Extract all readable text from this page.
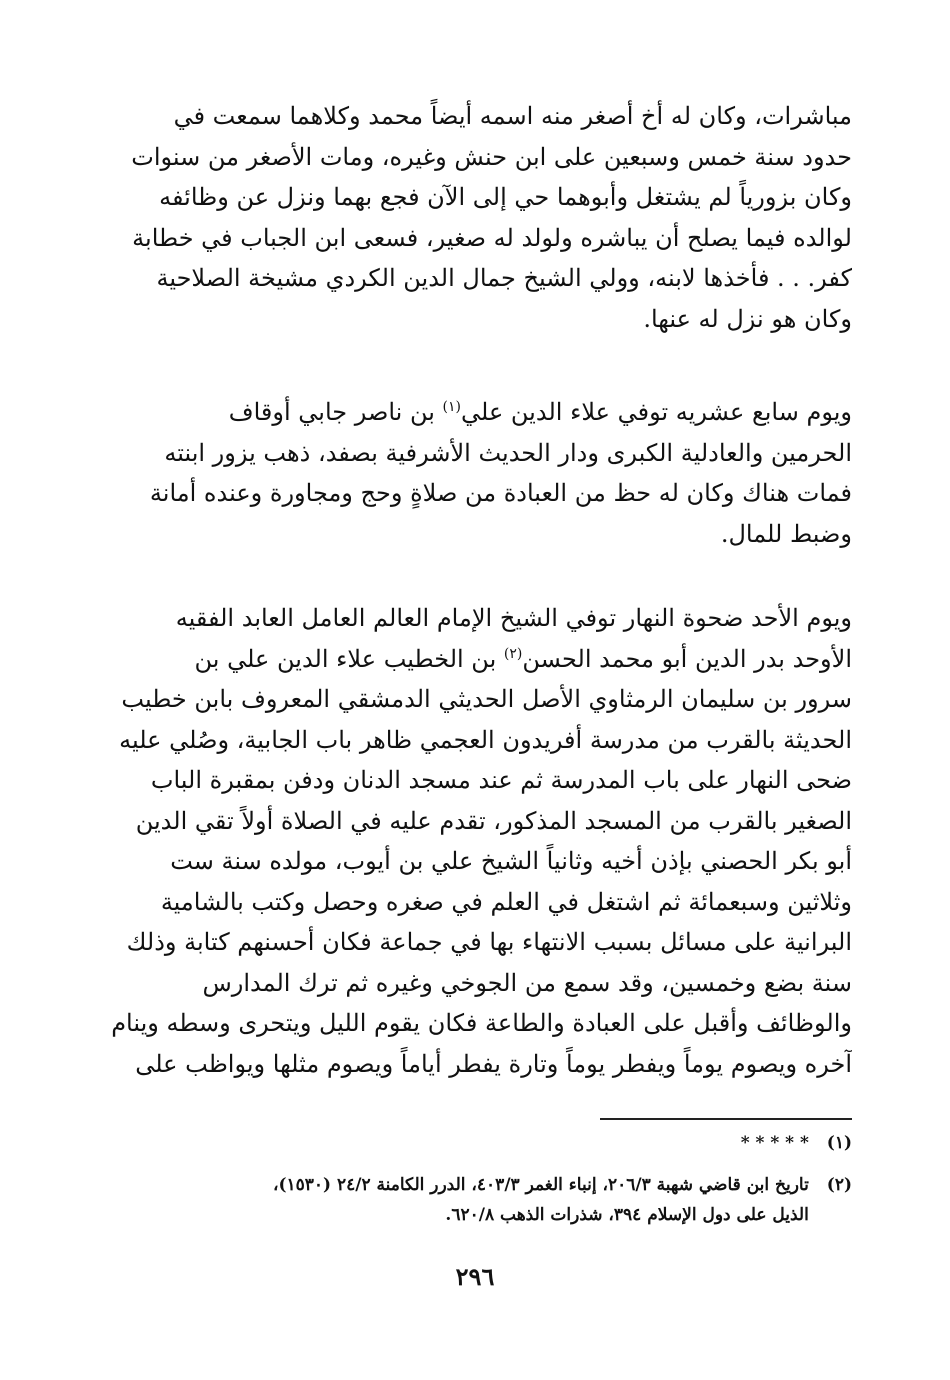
مباشرات، وكان له أخ أصغر منه اسمه أيضاً محمد وكلاهما سمعت في
حدود سنة خمس وسبعين على ابن حنش وغيره، ومات الأصغر من سنوات
وكان بزورياً لم يشتغل وأبوهما حي إلى الآن فجع بهما ونزل عن وظائفه
لوالده فيما يصلح أن يباشره ولولد له صغير، فسعى ابن الجباب في خطابة
كفر. . . فأخذها لابنه، وولي الشيخ جمال الدين الكردي مشيخة الصلاحية
وكان هو نزل له عنها.

ويوم سابع عشريه توفي علاء الدين علي$^{(١)}$ بن ناصر جابي أوقاف
الحرمين والعادلية الكبرى ودار الحديث الأشرفية بصفد، ذهب يزور ابنته
فمات هناك وكان له حظ من العبادة من صلاةٍ وحج ومجاورة وعنده أمانة
وضبط للمال.

ويوم الأحد ضحوة النهار توفي الشيخ الإمام العالم العامل العابد الفقيه
الأوحد بدر الدين أبو محمد الحسن$^{(٢)}$ بن الخطيب علاء الدين علي بن
سرور بن سليمان الرمثاوي الأصل الحديثي الدمشقي المعروف بابن خطيب
الحديثة بالقرب من مدرسة أفريدون العجمي ظاهر باب الجابية، وصُلي عليه
ضحى النهار على باب المدرسة ثم عند مسجد الدنان ودفن بمقبرة الباب
الصغير بالقرب من المسجد المذكور، تقدم عليه في الصلاة أولاً تقي الدين
أبو بكر الحصني بإذن أخيه وثانياً الشيخ علي بن أيوب، مولده سنة ست
وثلاثين وسبعمائة ثم اشتغل في العلم في صغره وحصل وكتب بالشامية
البرانية على مسائل بسبب الانتهاء بها في جماعة فكان أحسنهم كتابة وذلك
سنة بضع وخمسين، وقد سمع من الجوخي وغيره ثم ترك المدارس
والوظائف وأقبل على العبادة والطاعة فكان يقوم الليل ويتحرى وسطه وينام
آخره ويصوم يوماً ويفطر يوماً وتارة يفطر أياماً ويصوم مثلها ويواظب على

(١)
* * * * *
(٢)
تاريخ ابن قاضي شهبة ٢٠٦/٣، إنباء الغمر ٤٠٣/٣، الدرر الكامنة ٢٤/٢ (١٥٣٠)،
الذيل على دول الإسلام ٣٩٤، شذرات الذهب ٦٢٠/٨.
٢٩٦
